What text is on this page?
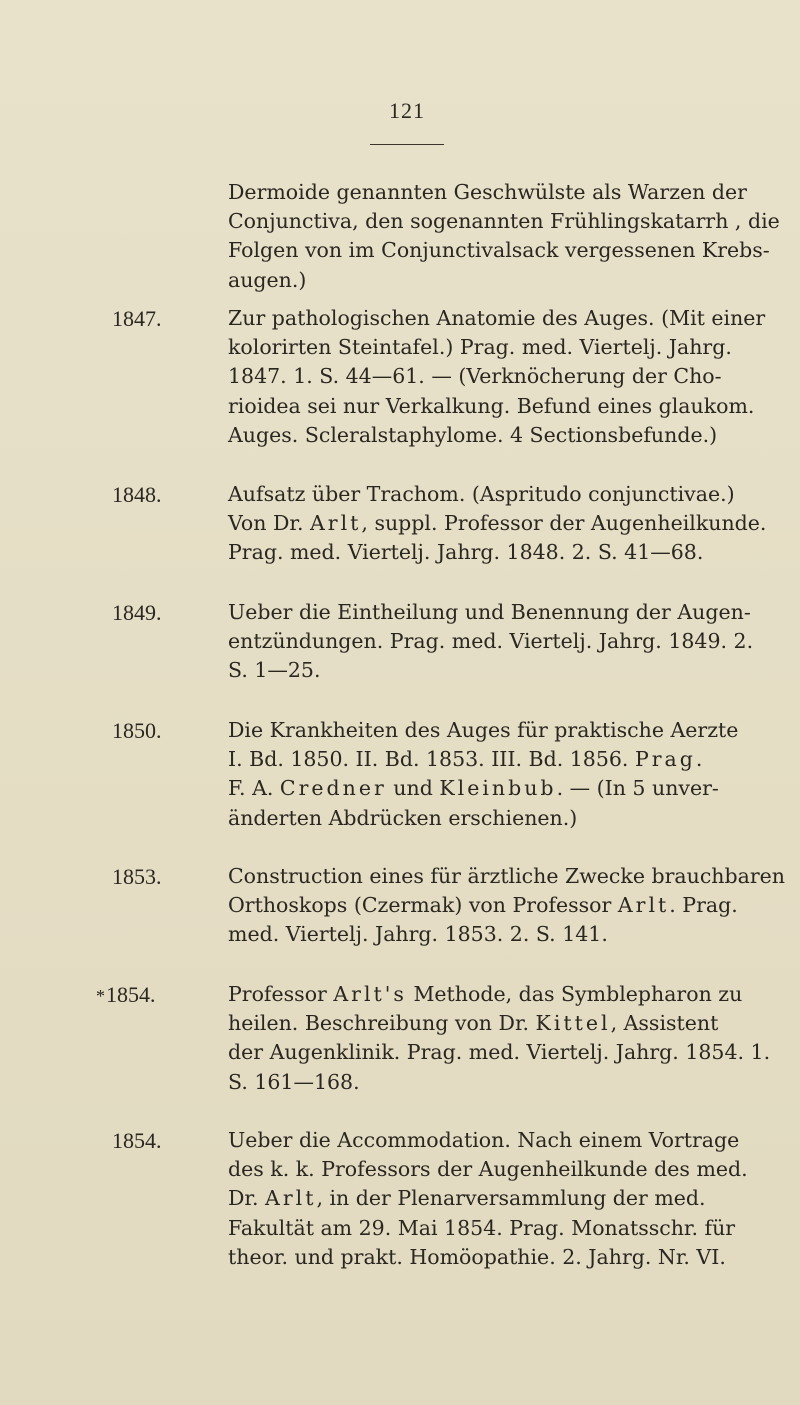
121
Dermoide genannten Geschwülste als Warzen der
Conjunctiva, den sogenannten Frühlingskatarrh , die
Folgen von im Conjunctivalsack vergessenen Krebs-
augen.)
1847.	Zur pathologischen Anatomie des Auges. (Mit einer
kolorirten Steintafel.) Prag. med. Viertelj. Jahrg.
1847. 1. S. 44—61. — (Verknöcherung der Cho-
rioidea sei nur Verkalkung. Befund eines glaukom.
Auges. Scleralstaphylome. 4 Sectionsbefunde.)
1848.	Aufsatz über Trachom. (Aspritudo conjunctivae.)
Von Dr. Arlt, suppl. Professor der Augenheilkunde.
Prag. med. Viertelj. Jahrg. 1848. 2. S. 41—68.
1849.	Ueber die Eintheilung und Benennung der Augen-
entzündungen. Prag. med. Viertelj. Jahrg. 1849. 2.
S. 1—25.
1850.	Die Krankheiten des Auges für praktische Aerzte
I. Bd. 1850. II. Bd. 1853. III. Bd. 1856. Prag.
F. A. Credner und Kleinbub. — (In 5 unver-
änderten Abdrücken erschienen.)
1853.	Construction eines für ärztliche Zwecke brauchbaren
Orthoskops (Czermak) von Professor Arlt. Prag.
med. Viertelj. Jahrg. 1853. 2. S. 141.
*1854.	Professor Arlt's Methode, das Symblepharon zu
heilen. Beschreibung von Dr. Kittel, Assistent
der Augenklinik. Prag. med. Viertelj. Jahrg. 1854. 1.
S. 161—168.
1854.	Ueber die Accommodation. Nach einem Vortrage
des k. k. Professors der Augenheilkunde des med.
Dr. Arlt, in der Plenarversammlung der med.
Fakultät am 29. Mai 1854. Prag. Monatsschr. für
theor. und prakt. Homöopathie. 2. Jahrg. Nr. VI.
